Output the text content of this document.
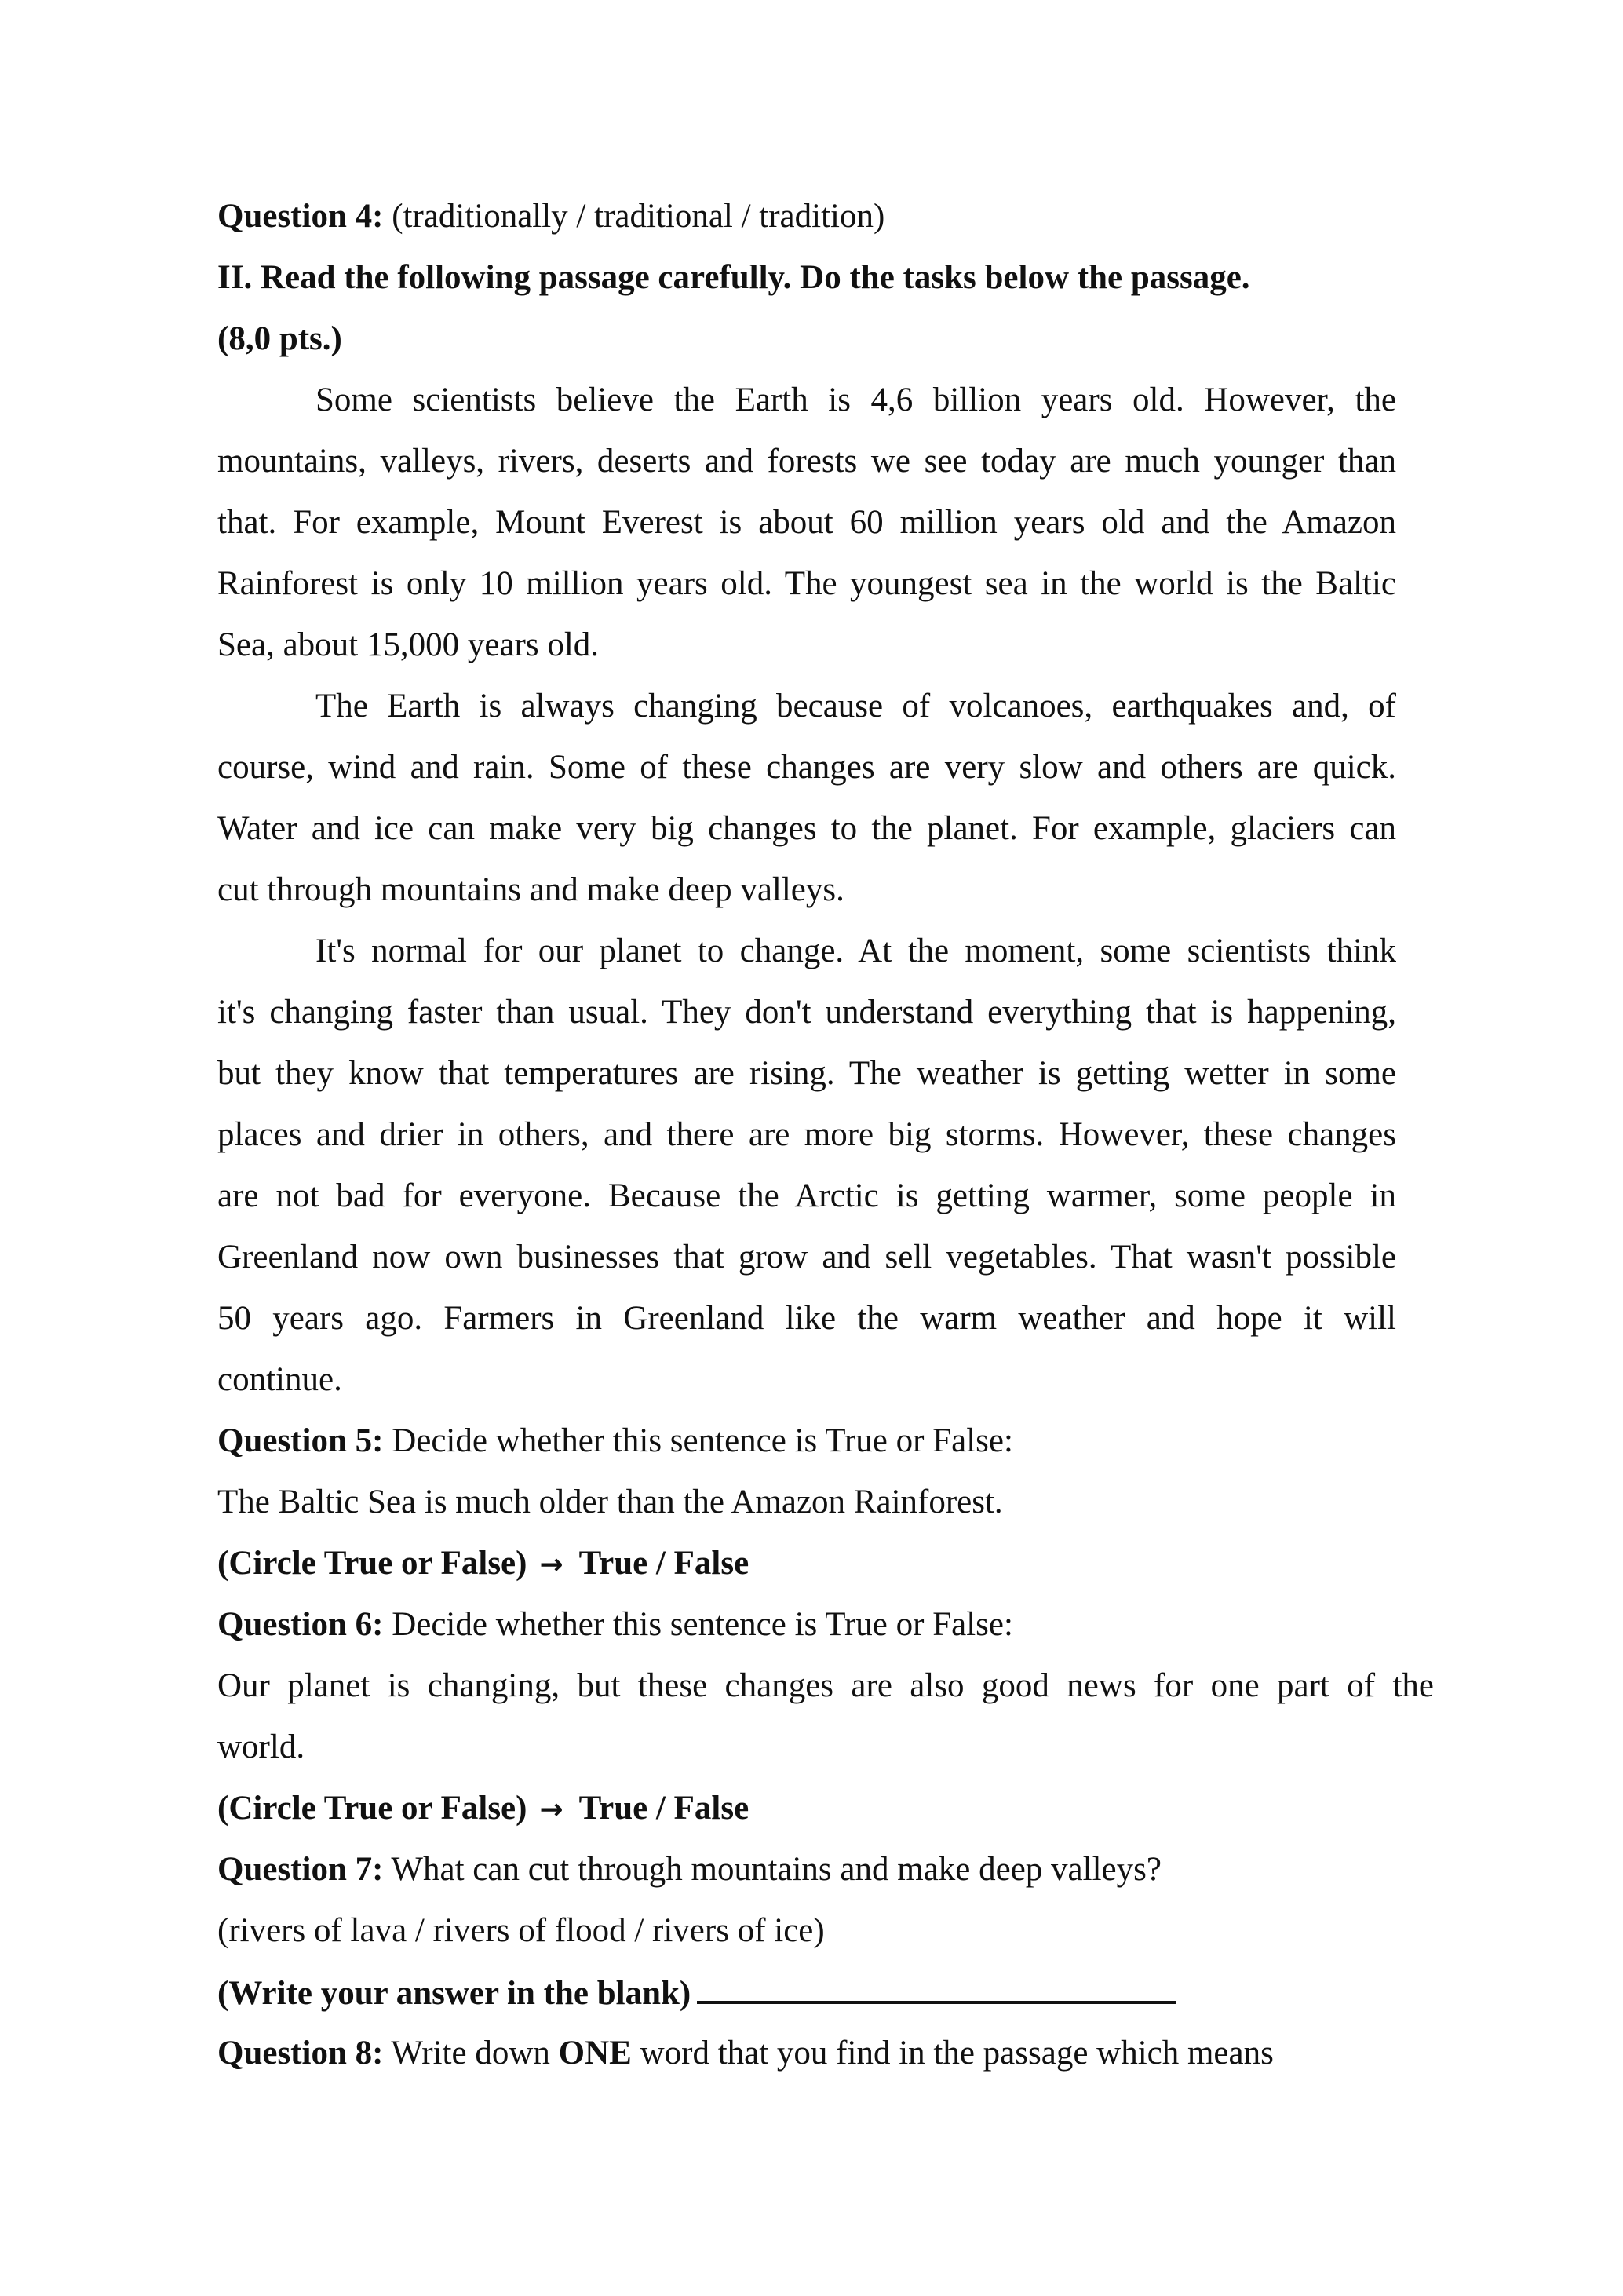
Question 4: (traditionally / traditional / tradition)
II. Read the following passage carefully. Do the tasks below the passage.
(8,0 pts.)
Some scientists believe the Earth is 4,6 billion years old. However, the
mountains, valleys, rivers, deserts and forests we see today are much younger than
that. For example, Mount Everest is about 60 million years old and the Amazon
Rainforest is only 10 million years old. The youngest sea in the world is the Baltic
Sea, about 15,000 years old.
The Earth is always changing because of volcanoes, earthquakes and, of
course, wind and rain. Some of these changes are very slow and others are quick.
Water and ice can make very big changes to the planet. For example, glaciers can
cut through mountains and make deep valleys.
It's normal for our planet to change. At the moment, some scientists think
it's changing faster than usual. They don't understand everything that is happening,
but they know that temperatures are rising. The weather is getting wetter in some
places and drier in others, and there are more big storms. However, these changes
are not bad for everyone. Because the Arctic is getting warmer, some people in
Greenland now own businesses that grow and sell vegetables. That wasn't possible
50 years ago. Farmers in Greenland like the warm weather and hope it will
continue.
Question 5: Decide whether this sentence is True or False:
The Baltic Sea is much older than the Amazon Rainforest.
(Circle True or False) → True / False
Question 6: Decide whether this sentence is True or False:
Our planet is changing, but these changes are also good news for one part of the
world.
(Circle True or False) → True / False
Question 7: What can cut through mountains and make deep valleys?
(rivers of lava / rivers of flood / rivers of ice)
(Write your answer in the blank)
Question 8: Write down ONE word that you find in the passage which means
